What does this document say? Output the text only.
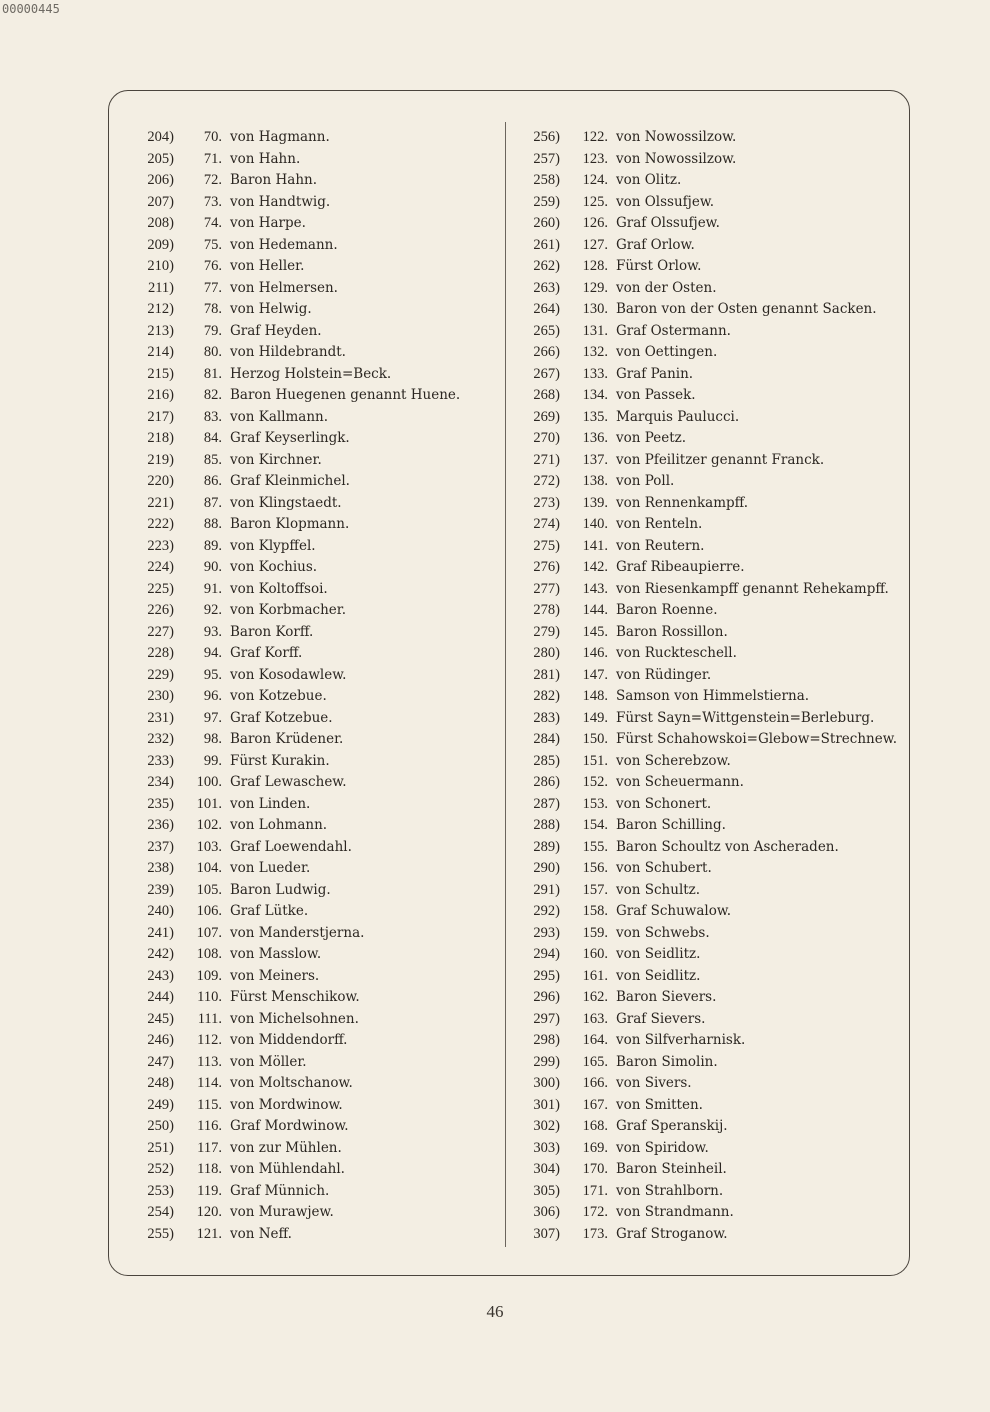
00000445
204)	70. von Hagmann.
205)	71. von Hahn.
206)	72. Baron Hahn.
207)	73. von Handtwig.
208)	74. von Harpe.
209)	75. von Hedemann.
210)	76. von Heller.
211)	77. von Helmersen.
212)	78. von Helwig.
213)	79. Graf Heyden.
214)	80. von Hildebrandt.
215)	81. Herzog Holstein=Beck.
216)	82. Baron Huegenen genannt Huene.
217)	83. von Kallmann.
218)	84. Graf Keyserlingk.
219)	85. von Kirchner.
220)	86. Graf Kleinmichel.
221)	87. von Klingstaedt.
222)	88. Baron Klopmann.
223)	89. von Klypffel.
224)	90. von Kochius.
225)	91. von Koltoffsoi.
226)	92. von Korbmacher.
227)	93. Baron Korff.
228)	94. Graf Korff.
229)	95. von Kosodawlew.
230)	96. von Kotzebue.
231)	97. Graf Kotzebue.
232)	98. Baron Krüdener.
233)	99. Fürst Kurakin.
234)	100. Graf Lewaschew.
235)	101. von Linden.
236)	102. von Lohmann.
237)	103. Graf Loewendahl.
238)	104. von Lueder.
239)	105. Baron Ludwig.
240)	106. Graf Lütke.
241)	107. von Manderstjerna.
242)	108. von Masslow.
243)	109. von Meiners.
244)	110. Fürst Menschikow.
245)	111. von Michelsohnen.
246)	112. von Middendorff.
247)	113. von Möller.
248)	114. von Moltschanow.
249)	115. von Mordwinow.
250)	116. Graf Mordwinow.
251)	117. von zur Mühlen.
252)	118. von Mühlendahl.
253)	119. Graf Münnich.
254)	120. von Murawjew.
255)	121. von Neff.
256)	122. von Nowossilzow.
257)	123. von Nowossilzow.
258)	124. von Olitz.
259)	125. von Olssufjew.
260)	126. Graf Olssufjew.
261)	127. Graf Orlow.
262)	128. Fürst Orlow.
263)	129. von der Osten.
264)	130. Baron von der Osten genannt Sacken.
265)	131. Graf Ostermann.
266)	132. von Oettingen.
267)	133. Graf Panin.
268)	134. von Passek.
269)	135. Marquis Paulucci.
270)	136. von Peetz.
271)	137. von Pfeilitzer genannt Franck.
272)	138. von Poll.
273)	139. von Rennenkampff.
274)	140. von Renteln.
275)	141. von Reutern.
276)	142. Graf Ribeaupierre.
277)	143. von Riesenkampff genannt Rehekampff.
278)	144. Baron Roenne.
279)	145. Baron Rossillon.
280)	146. von Ruckteschell.
281)	147. von Rüdinger.
282)	148. Samson von Himmelstierna.
283)	149. Fürst Sayn=Wittgenstein=Berleburg.
284)	150. Fürst Schahowskoi=Glebow=Strechnew.
285)	151. von Scherebzow.
286)	152. von Scheuermann.
287)	153. von Schonert.
288)	154. Baron Schilling.
289)	155. Baron Schoultz von Ascheraden.
290)	156. von Schubert.
291)	157. von Schultz.
292)	158. Graf Schuwalow.
293)	159. von Schwebs.
294)	160. von Seidlitz.
295)	161. von Seidlitz.
296)	162. Baron Sievers.
297)	163. Graf Sievers.
298)	164. von Silfverharnisk.
299)	165. Baron Simolin.
300)	166. von Sivers.
301)	167. von Smitten.
302)	168. Graf Speranskij.
303)	169. von Spiridow.
304)	170. Baron Steinheil.
305)	171. von Strahlborn.
306)	172. von Strandmann.
307)	173. Graf Stroganow.
46
